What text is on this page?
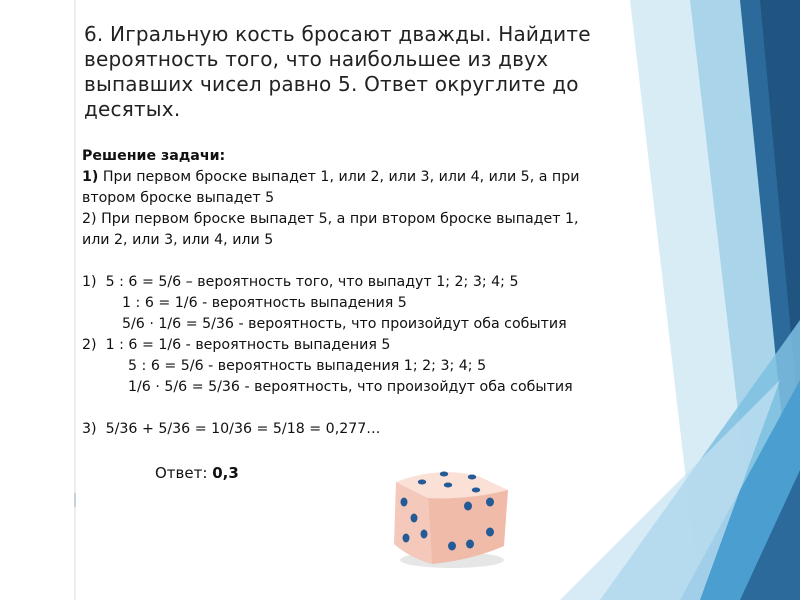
6. Игральную кость бросают дважды. Найдите вероятность того, что наибольшее из двух выпавших чисел равно 5. Ответ округлите до десятых.
Решение задачи:
1) При первом броске выпадет 1, или 2, или 3, или 4, или 5, а при
втором броске выпадет 5
2) При первом броске выпадет 5, а при втором броске выпадет 1,
или 2, или 3, или 4, или 5
1)  5 : 6 = 5/6 – вероятность того, что выпадут 1; 2; 3; 4; 5
1 : 6 = 1/6 - вероятность выпадения 5
5/6 · 1/6 = 5/36 - вероятность, что произойдут оба события
2)  1 : 6 = 1/6 - вероятность выпадения 5
5 : 6 = 5/6 - вероятность выпадения 1; 2; 3; 4; 5
1/6 · 5/6 = 5/36 - вероятность, что произойдут оба события
3)  5/36 + 5/36 = 10/36 = 5/18 = 0,277…
Ответ: 0,3
